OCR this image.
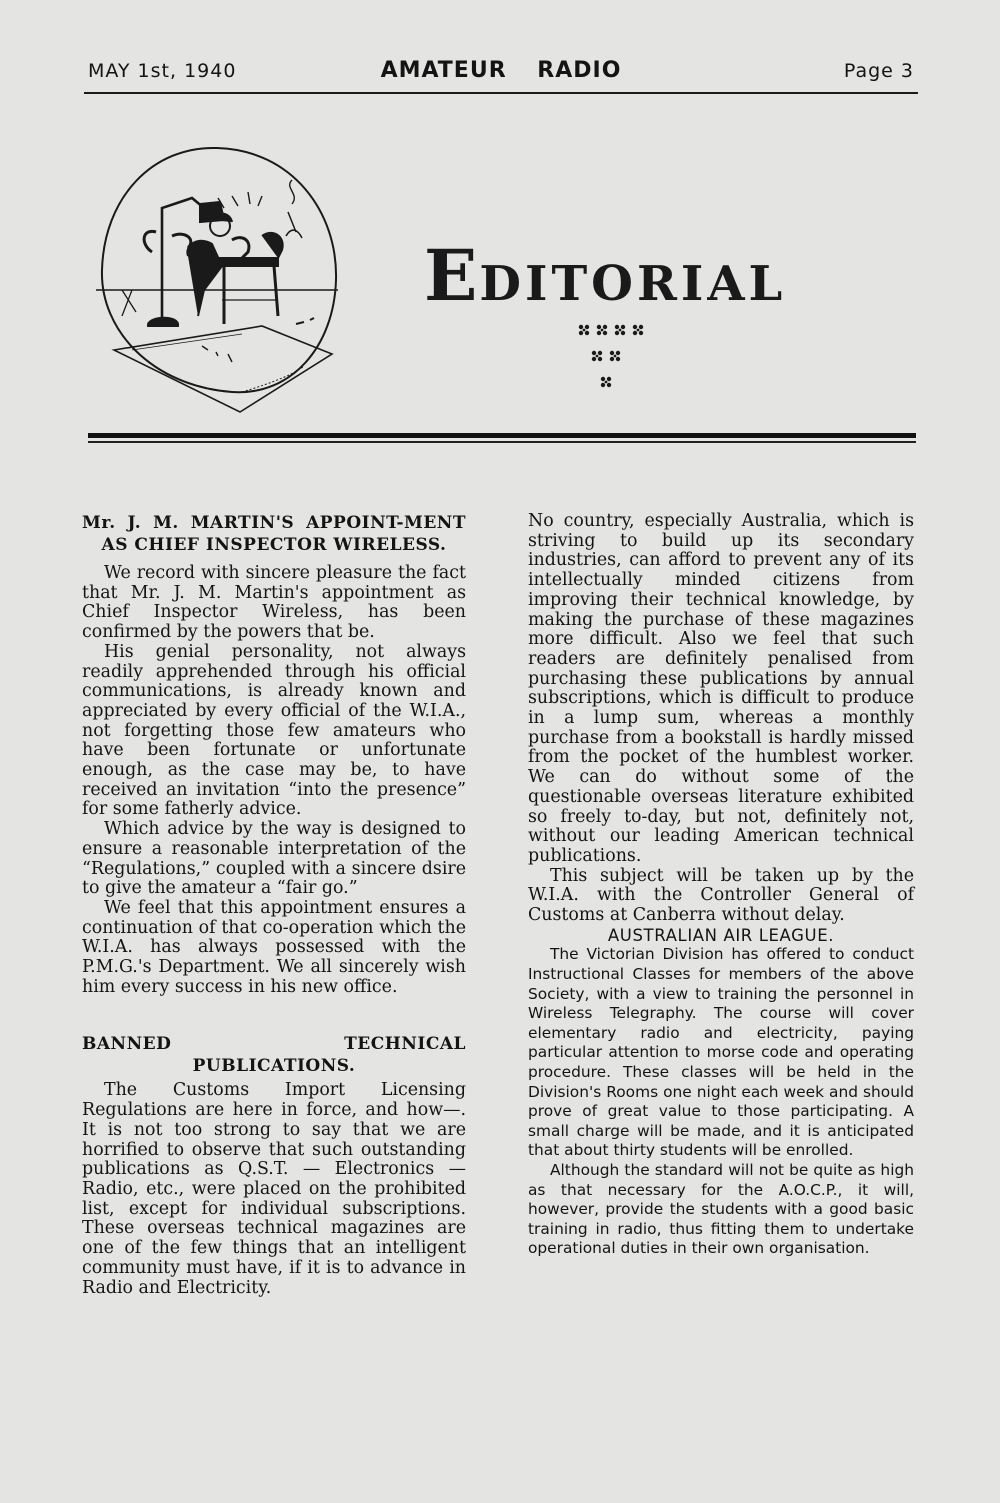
MAY 1st, 1940	AMATEUR RADIO	Page 3
EDITORIAL

Mr. J. M. MARTIN'S APPOINT-MENT AS CHIEF INSPECTOR WIRELESS.

We record with sincere pleasure the fact that Mr. J. M. Martin's appointment as Chief Inspector Wireless, has been confirmed by the powers that be.

His genial personality, not always readily apprehended through his official communications, is already known and appreciated by every official of the W.I.A., not forgetting those few amateurs who have been fortunate or unfortunate enough, as the case may be, to have received an invitation “into the presence” for some fatherly advice.

Which advice by the way is designed to ensure a reasonable interpretation of the “Regulations,” coupled with a sincere dsire to give the amateur a “fair go.”

We feel that this appointment ensures a continuation of that co-operation which the W.I.A. has always possessed with the P.M.G.'s Department. We all sincerely wish him every success in his new office.

BANNED TECHNICAL PUBLICATIONS.

The Customs Import Licensing Regulations are here in force, and how—. It is not too strong to say that we are horrified to observe that such outstanding publications as Q.S.T. — Electronics — Radio, etc., were placed on the prohibited list, except for individual subscriptions. These overseas technical magazines are one of the few things that an intelligent community must have, if it is to advance in Radio and Electricity.

No country, especially Australia, which is striving to build up its secondary industries, can afford to prevent any of its intellectually minded citizens from improving their technical knowledge, by making the purchase of these magazines more difficult. Also we feel that such readers are definitely penalised from purchasing these publications by annual subscriptions, which is difficult to produce in a lump sum, whereas a monthly purchase from a bookstall is hardly missed from the pocket of the humblest worker. We can do without some of the questionable overseas literature exhibited so freely to-day, but not, definitely not, without our leading American technical publications.

This subject will be taken up by the W.I.A. with the Controller General of Customs at Canberra without delay.

AUSTRALIAN AIR LEAGUE.

The Victorian Division has offered to conduct Instructional Classes for members of the above Society, with a view to training the personnel in Wireless Telegraphy. The course will cover elementary radio and electricity, paying particular attention to morse code and operating procedure. These classes will be held in the Division's Rooms one night each week and should prove of great value to those participating. A small charge will be made, and it is anticipated that about thirty students will be enrolled.

Although the standard will not be quite as high as that necessary for the A.O.C.P., it will, however, provide the students with a good basic training in radio, thus fitting them to undertake operational duties in their own organisation.
